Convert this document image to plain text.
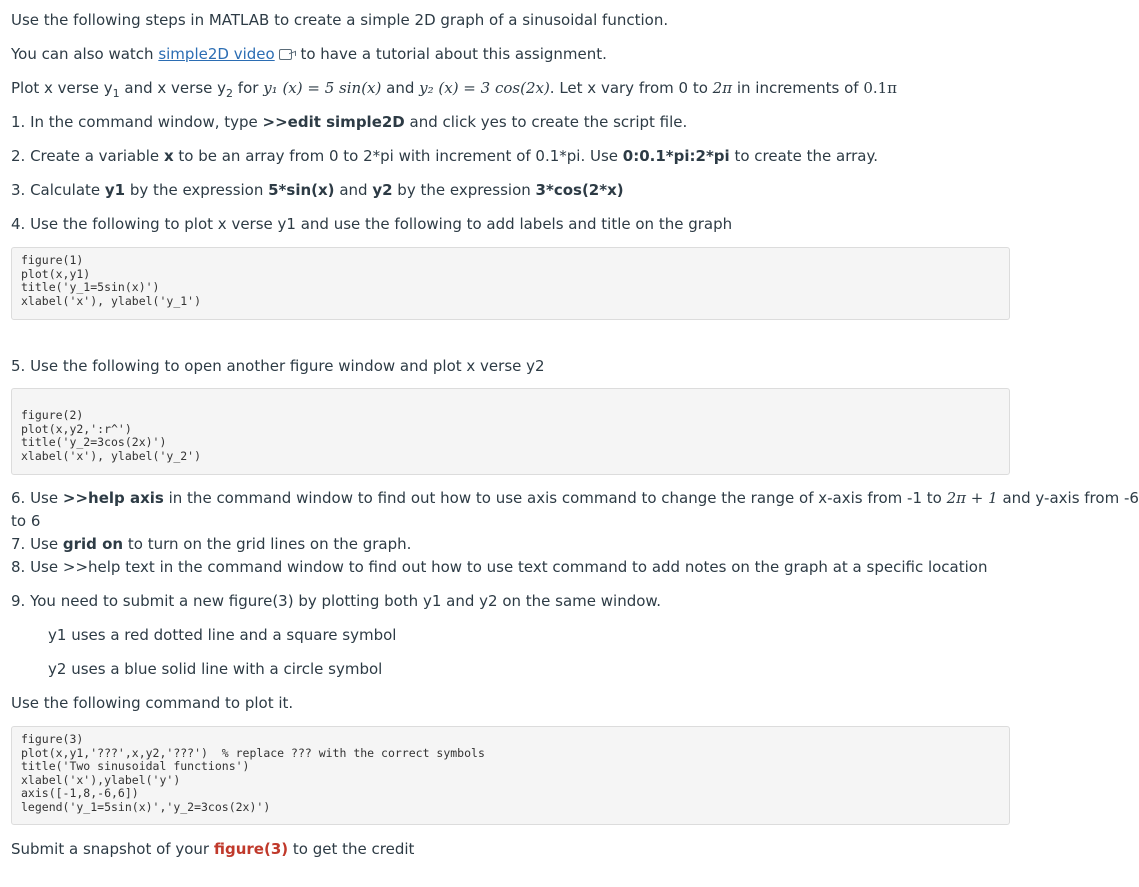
Use the following steps in MATLAB to create a simple 2D graph of a sinusoidal function.
You can also watch simple2D video to have a tutorial about this assignment.
Plot x verse $y_1$ and x verse $y_2$ for y₁ (x) = 5 sin(x) and y₂ (x) = 3 cos(2x). Let x vary from 0 to 2π in increments of 0.1π
1. In the command window, type >>edit simple2D and click yes to create the script file.
2. Create a variable x to be an array from 0 to 2*pi with increment of 0.1*pi. Use 0:0.1*pi:2*pi to create the array.
3. Calculate y1 by the expression 5*sin(x) and y2 by the expression 3*cos(2*x)
4. Use the following to plot x verse y1 and use the following to add labels and title on the graph
figure(1)
plot(x,y1)
title('y_1=5sin(x)')
xlabel('x'), ylabel('y_1')
5. Use the following to open another figure window and plot x verse y2
figure(2)
plot(x,y2,':r^')
title('y_2=3cos(2x)')
xlabel('x'), ylabel('y_2')
6. Use >>help axis in the command window to find out how to use axis command to change the range of x-axis from -1 to 2π + 1 and y-axis from -6
to 6
7. Use grid on to turn on the grid lines on the graph.
8. Use >>help text in the command window to find out how to use text command to add notes on the graph at a specific location
9. You need to submit a new figure(3) by plotting both y1 and y2 on the same window.
y1 uses a red dotted line and a square symbol
y2 uses a blue solid line with a circle symbol
Use the following command to plot it.
figure(3)
plot(x,y1,'???',x,y2,'???')  % replace ??? with the correct symbols
title('Two sinusoidal functions')
xlabel('x'),ylabel('y')
axis([-1,8,-6,6])
legend('y_1=5sin(x)','y_2=3cos(2x)')
Submit a snapshot of your figure(3) to get the credit
